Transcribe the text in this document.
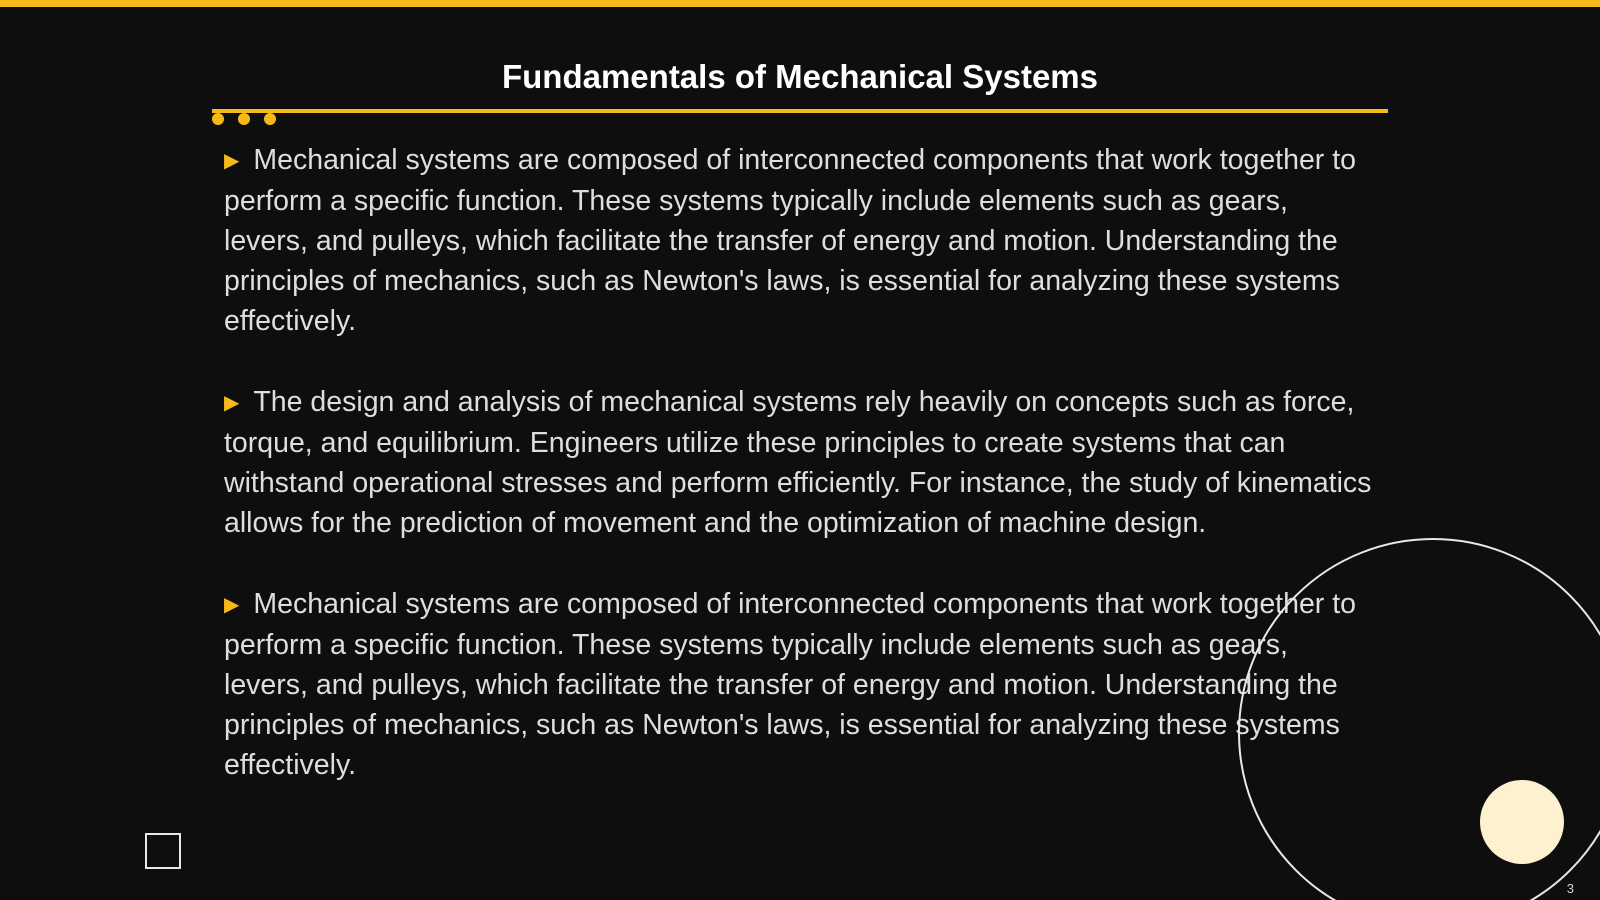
Fundamentals of Mechanical Systems

▶ Mechanical systems are composed of interconnected components that work together to perform a specific function. These systems typically include elements such as gears, levers, and pulleys, which facilitate the transfer of energy and motion. Understanding the principles of mechanics, such as Newton's laws, is essential for analyzing these systems effectively.

▶ The design and analysis of mechanical systems rely heavily on concepts such as force, torque, and equilibrium. Engineers utilize these principles to create systems that can withstand operational stresses and perform efficiently. For instance, the study of kinematics allows for the prediction of movement and the optimization of machine design.

▶ Mechanical systems are composed of interconnected components that work together to perform a specific function. These systems typically include elements such as gears, levers, and pulleys, which facilitate the transfer of energy and motion. Understanding the principles of mechanics, such as Newton's laws, is essential for analyzing these systems effectively.

3
